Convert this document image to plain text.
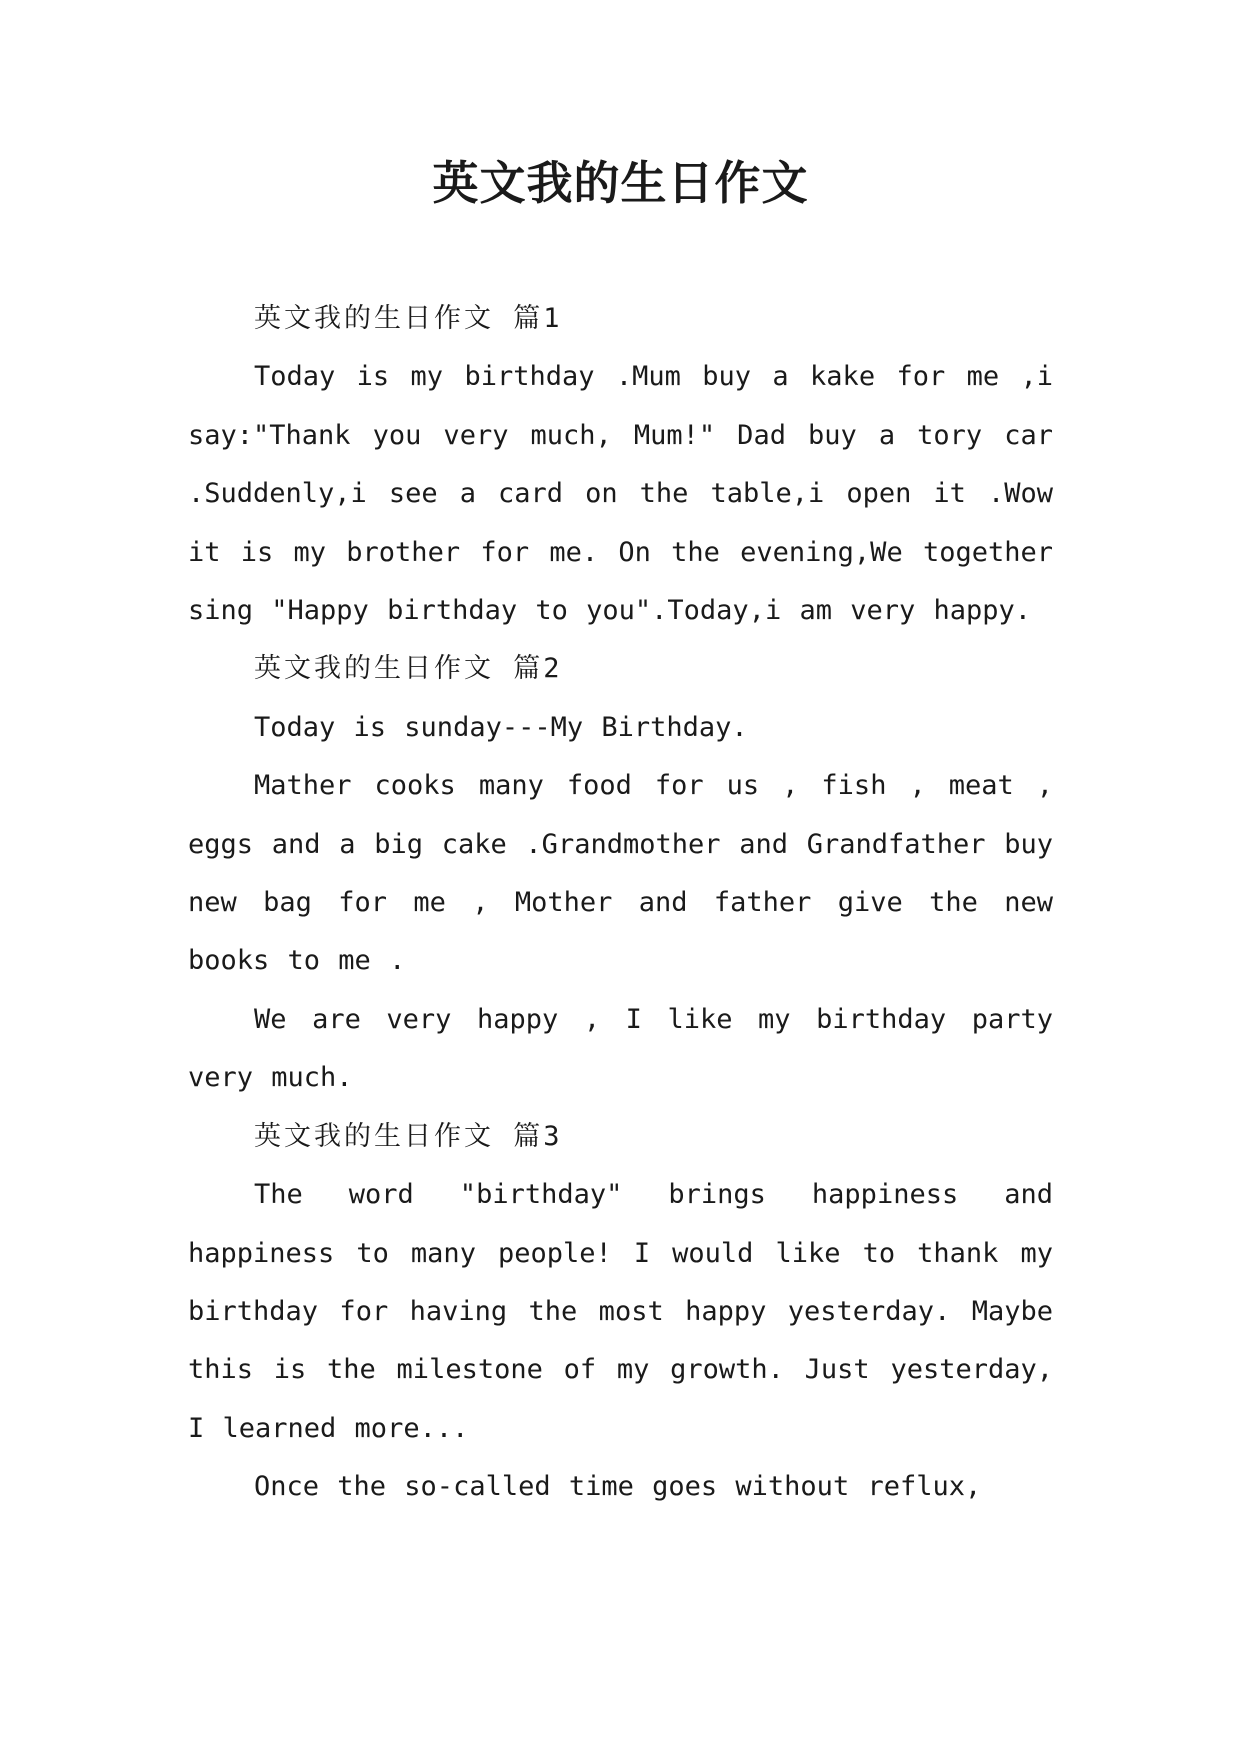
英文我的生日作文
英文我的生日作文 篇1

Today is my birthday .Mum buy a kake for me ,i say:"Thank you very much, Mum!" Dad buy a tory car .Suddenly,i see a card on the table,i open it .Wow it is my brother for me. On the evening,We together sing "Happy birthday to you".Today,i am very happy.

英文我的生日作文 篇2

Today is sunday---My Birthday.

Mather cooks many food for us , fish , meat , eggs and a big cake .Grandmother and Grandfather buy new bag for me , Mother and father give the new books to me .

We are very happy , I like my birthday party very much.

英文我的生日作文 篇3

The word "birthday" brings happiness and happiness to many people! I would like to thank my birthday for having the most happy yesterday. Maybe this is the milestone of my growth. Just yesterday, I learned more...

Once the so-called time goes without reflux,
